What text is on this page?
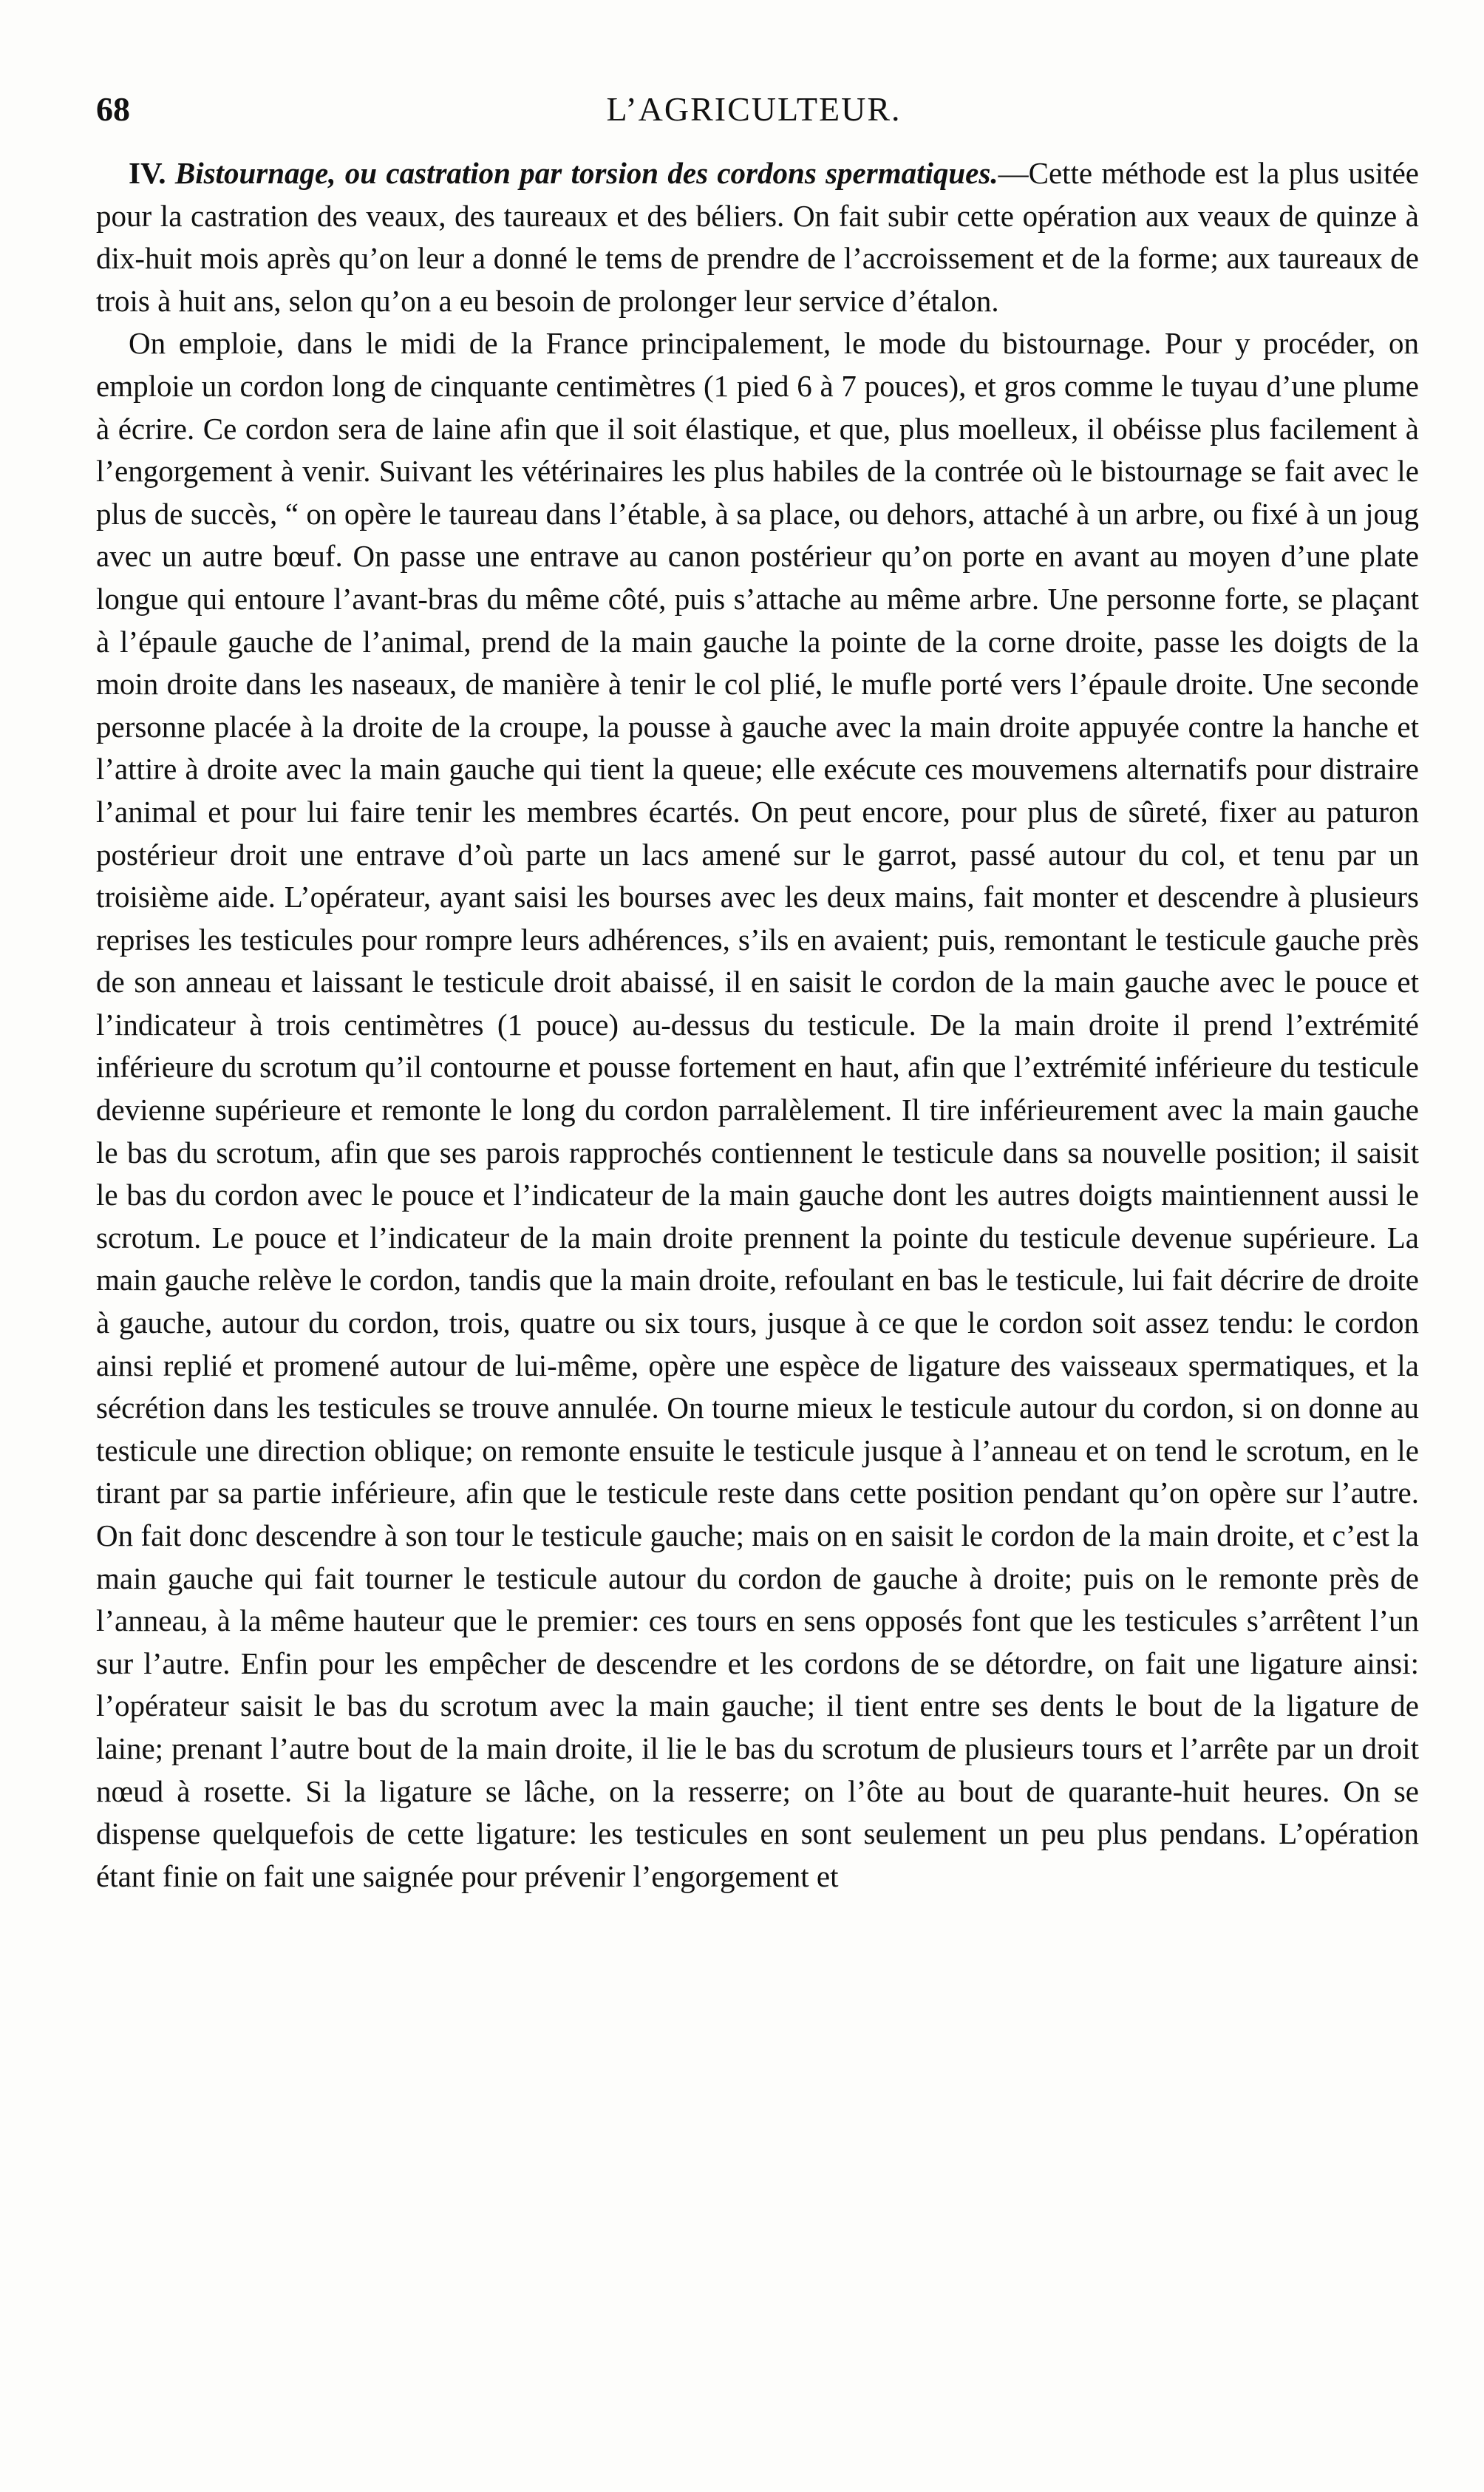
68	L’AGRICULTEUR.

IV. Bistournage, ou castration par torsion des cordons spermatiques.—Cette méthode est la plus usitée pour la castration des veaux, des taureaux et des béliers. On fait subir cette opération aux veaux de quinze à dix-huit mois après qu’on leur a donné le tems de prendre de l’accroissement et de la forme; aux taureaux de trois à huit ans, selon qu’on a eu besoin de prolonger leur service d’étalon.

On emploie, dans le midi de la France principalement, le mode du bistournage. Pour y procéder, on emploie un cordon long de cinquante centimètres (1 pied 6 à 7 pouces), et gros comme le tuyau d’une plume à écrire. Ce cordon sera de laine afin que il soit élastique, et que, plus moelleux, il obéisse plus facilement à l’engorgement à venir. Suivant les vétérinaires les plus habiles de la contrée où le bistournage se fait avec le plus de succès, “ on opère le taureau dans l’étable, à sa place, ou dehors, attaché à un arbre, ou fixé à un joug avec un autre bœuf. On passe une entrave au canon postérieur qu’on porte en avant au moyen d’une plate longue qui entoure l’avant-bras du même côté, puis s’attache au même arbre. Une personne forte, se plaçant à l’épaule gauche de l’animal, prend de la main gauche la pointe de la corne droite, passe les doigts de la moin droite dans les naseaux, de manière à tenir le col plié, le mufle porté vers l’épaule droite. Une seconde personne placée à la droite de la croupe, la pousse à gauche avec la main droite appuyée contre la hanche et l’attire à droite avec la main gauche qui tient la queue; elle exécute ces mouvemens alternatifs pour distraire l’animal et pour lui faire tenir les membres écartés. On peut encore, pour plus de sûreté, fixer au paturon postérieur droit une entrave d’où parte un lacs amené sur le garrot, passé autour du col, et tenu par un troisième aide. L’opérateur, ayant saisi les bourses avec les deux mains, fait monter et descendre à plusieurs reprises les testicules pour rompre leurs adhérences, s’ils en avaient; puis, remontant le testicule gauche près de son anneau et laissant le testicule droit abaissé, il en saisit le cordon de la main gauche avec le pouce et l’indicateur à trois centimètres (1 pouce) au-dessus du testicule. De la main droite il prend l’extrémité inférieure du scrotum qu’il contourne et pousse fortement en haut, afin que l’extrémité inférieure du testicule devienne supérieure et remonte le long du cordon parralèlement. Il tire inférieurement avec la main gauche le bas du scrotum, afin que ses parois rapprochés contiennent le testicule dans sa nouvelle position; il saisit le bas du cordon avec le pouce et l’indicateur de la main gauche dont les autres doigts maintiennent aussi le scrotum. Le pouce et l’indicateur de la main droite prennent la pointe du testicule devenue supérieure. La main gauche relève le cordon, tandis que la main droite, refoulant en bas le testicule, lui fait décrire de droite à gauche, autour du cordon, trois, quatre ou six tours, jusque à ce que le cordon soit assez tendu: le cordon ainsi replié et promené autour de lui-même, opère une espèce de ligature des vaisseaux spermatiques, et la sécrétion dans les testicules se trouve annulée. On tourne mieux le testicule autour du cordon, si on donne au testicule une direction oblique; on remonte ensuite le testicule jusque à l’anneau et on tend le scrotum, en le tirant par sa partie inférieure, afin que le testicule reste dans cette position pendant qu’on opère sur l’autre. On fait donc descendre à son tour le testicule gauche; mais on en saisit le cordon de la main droite, et c’est la main gauche qui fait tourner le testicule autour du cordon de gauche à droite; puis on le remonte près de l’anneau, à la même hauteur que le premier: ces tours en sens opposés font que les testicules s’arrêtent l’un sur l’autre. Enfin pour les empêcher de descendre et les cordons de se détordre, on fait une ligature ainsi: l’opérateur saisit le bas du scrotum avec la main gauche; il tient entre ses dents le bout de la ligature de laine; prenant l’autre bout de la main droite, il lie le bas du scrotum de plusieurs tours et l’arrête par un droit nœud à rosette. Si la ligature se lâche, on la resserre; on l’ôte au bout de quarante-huit heures. On se dispense quelquefois de cette ligature: les testicules en sont seulement un peu plus pendans. L’opération étant finie on fait une saignée pour prévenir l’engorgement et
